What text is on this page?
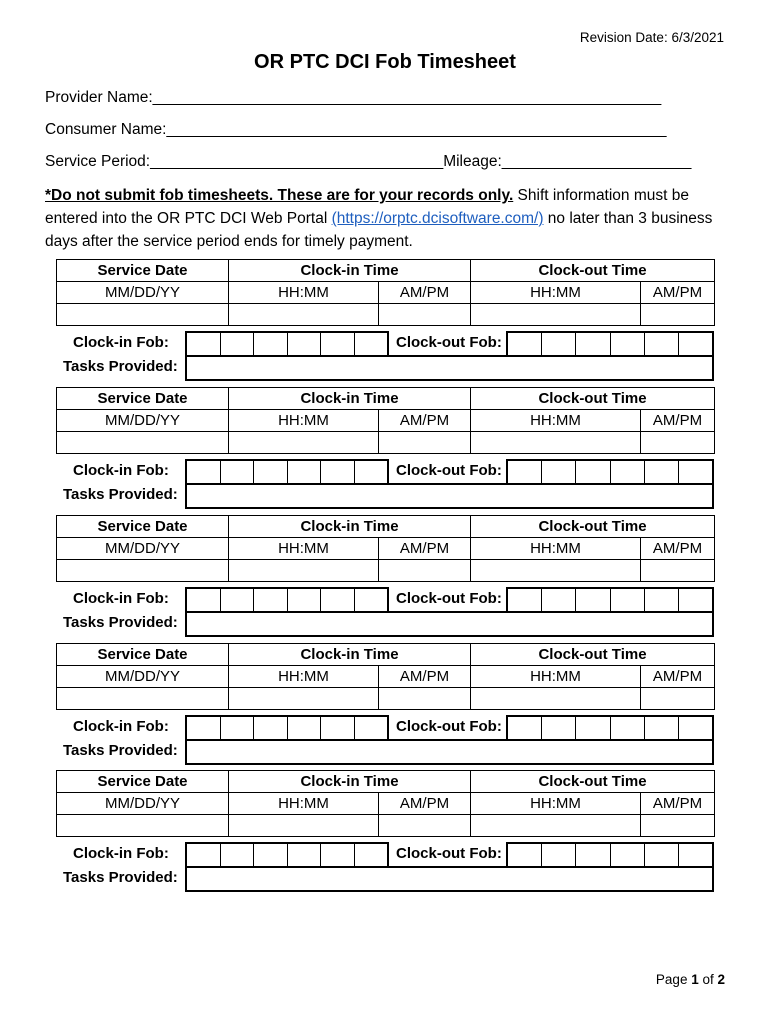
Revision Date: 6/3/2021
OR PTC DCI Fob Timesheet
Provider Name:___________________________________________________________
Consumer Name:__________________________________________________________
Service Period:__________________________________Mileage:______________________
*Do not submit fob timesheets. These are for your records only. Shift information must be entered into the OR PTC DCI Web Portal (https://orptc.dcisoftware.com/) no later than 3 business days after the service period ends for timely payment.
Service Date	Clock-in Time		Clock-out Time	
MM/DD/YY	HH:MM	AM/PM	HH:MM	AM/PM

Clock-in Fob:	Clock-out Fob:
Tasks Provided:
Service Date	Clock-in Time		Clock-out Time	
MM/DD/YY	HH:MM	AM/PM	HH:MM	AM/PM

Clock-in Fob:	Clock-out Fob:
Tasks Provided:
Service Date	Clock-in Time		Clock-out Time	
MM/DD/YY	HH:MM	AM/PM	HH:MM	AM/PM

Clock-in Fob:	Clock-out Fob:
Tasks Provided:
Service Date	Clock-in Time		Clock-out Time	
MM/DD/YY	HH:MM	AM/PM	HH:MM	AM/PM

Clock-in Fob:	Clock-out Fob:
Tasks Provided:
Service Date	Clock-in Time		Clock-out Time	
MM/DD/YY	HH:MM	AM/PM	HH:MM	AM/PM

Clock-in Fob:	Clock-out Fob:
Tasks Provided:
Page 1 of 2
